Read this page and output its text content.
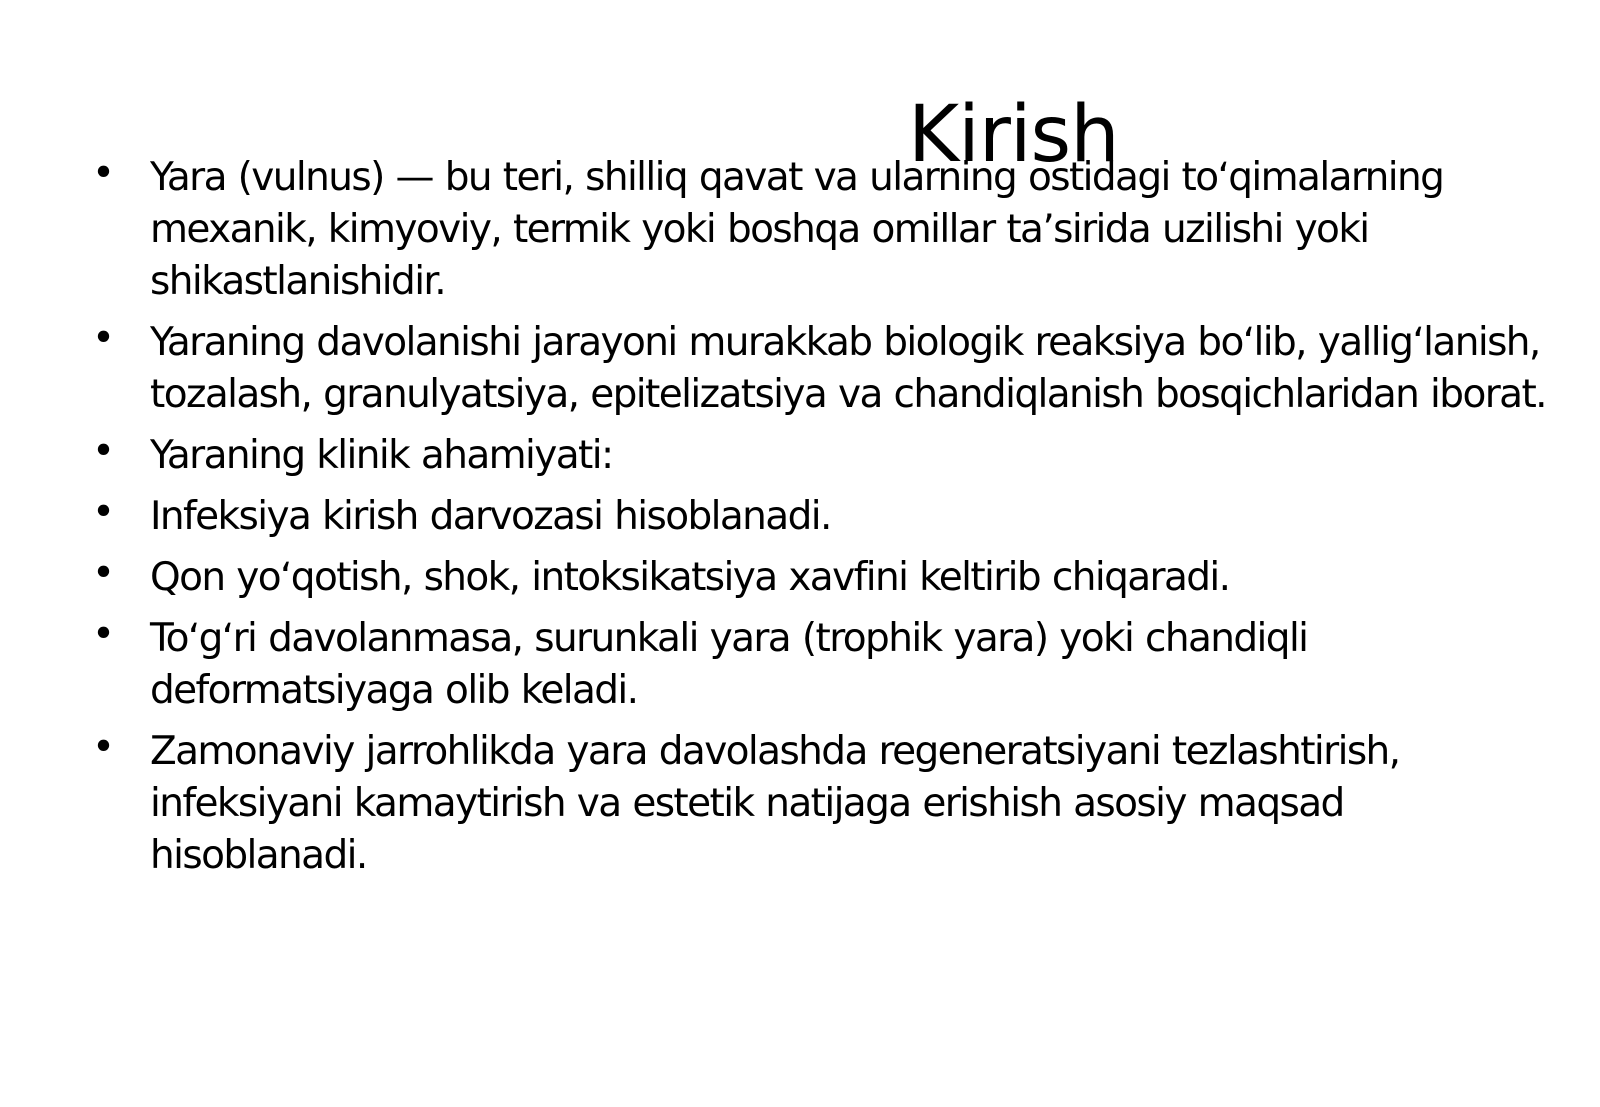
Kirish
• Yara (vulnus) — bu teri, shilliq qavat va ularning ostidagi to‘qimalarning mexanik, kimyoviy, termik yoki boshqa omillar ta’sirida uzilishi yoki shikastlanishidir.
• Yaraning davolanishi jarayoni murakkab biologik reaksiya bo‘lib, yallig‘lanish, tozalash, granulyatsiya, epitelizatsiya va chandiqlanish bosqichlaridan iborat.
• Yaraning klinik ahamiyati:
• Infeksiya kirish darvozasi hisoblanadi.
• Qon yo‘qotish, shok, intoksikatsiya xavfini keltirib chiqaradi.
• To‘g‘ri davolanmasa, surunkali yara (trophik yara) yoki chandiqli deformatsiyaga olib keladi.
• Zamonaviy jarrohlikda yara davolashda regeneratsiyani tezlashtirish, infeksiyani kamaytirish va estetik natijaga erishish asosiy maqsad hisoblanadi.
